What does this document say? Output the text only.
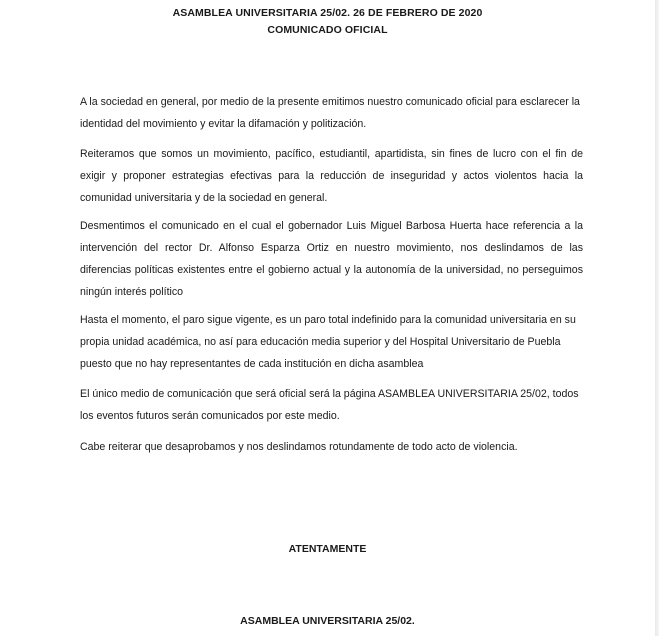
ASAMBLEA UNIVERSITARIA 25/02. 26 DE FEBRERO DE 2020
COMUNICADO OFICIAL

A la sociedad en general, por medio de la presente emitimos nuestro comunicado oficial para esclarecer la identidad del movimiento y evitar la difamación y politización.

Reiteramos que somos un movimiento, pacífico, estudiantil, apartidista, sin fines de lucro con el fin de exigir y proponer estrategias efectivas para la reducción de inseguridad y actos violentos hacia la comunidad universitaria y de la sociedad en general.

Desmentimos el comunicado en el cual el gobernador Luis Miguel Barbosa Huerta hace referencia a la intervención del rector Dr. Alfonso Esparza Ortiz en nuestro movimiento, nos deslindamos de las diferencias políticas existentes entre el gobierno actual y la autonomía de la universidad, no perseguimos ningún interés político

Hasta el momento, el paro sigue vigente, es un paro total indefinido para la comunidad universitaria en su propia unidad académica, no así para educación media superior y del Hospital Universitario de Puebla puesto que no hay representantes de cada institución en dicha asamblea

El único medio de comunicación que será oficial será la página ASAMBLEA UNIVERSITARIA 25/02, todos los eventos futuros serán comunicados por este medio.

Cabe reiterar que desaprobamos y nos deslindamos rotundamente de todo acto de violencia.

ATENTAMENTE
ASAMBLEA UNIVERSITARIA 25/02.
